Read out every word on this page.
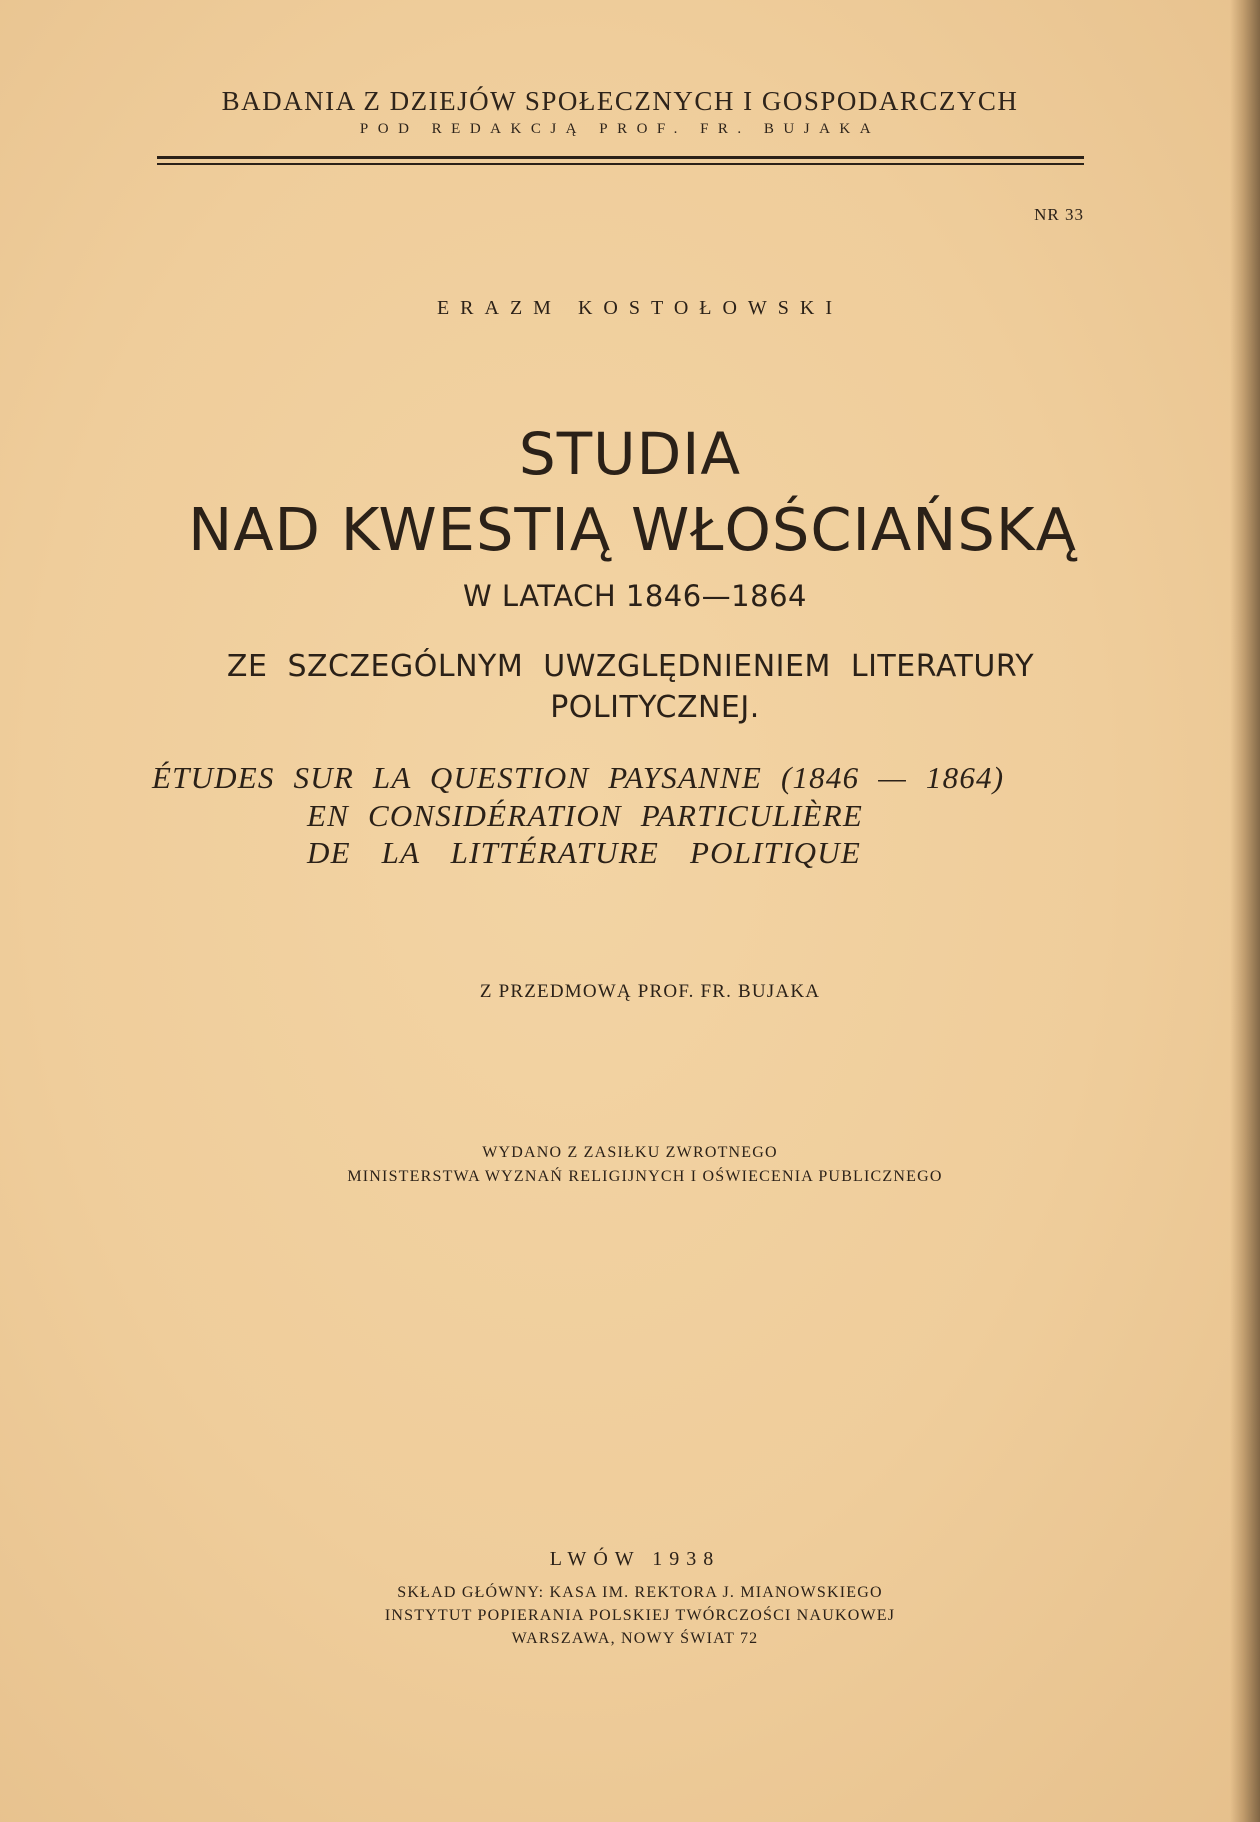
BADANIA Z DZIEJÓW SPOŁECZNYCH I GOSPODARCZYCH
POD REDAKCJĄ PROF. FR. BUJAKA
NR 33
ERAZM KOSTOŁOWSKI
STUDIA
NAD KWESTIĄ WŁOŚCIAŃSKĄ
W LATACH 1846—1864
ZE SZCZEGÓLNYM UWZGLĘDNIENIEM LITERATURY
POLITYCZNEJ.
ÉTUDES SUR LA QUESTION PAYSANNE (1846 — 1864)
EN CONSIDÉRATION PARTICULIÈRE
DE LA LITTÉRATURE POLITIQUE
Z PRZEDMOWĄ PROF. FR. BUJAKA
WYDANO Z ZASIŁKU ZWROTNEGO
MINISTERSTWA WYZNAŃ RELIGIJNYCH I OŚWIECENIA PUBLICZNEGO
LWÓW 1938
SKŁAD GŁÓWNY: KASA IM. REKTORA J. MIANOWSKIEGO
INSTYTUT POPIERANIA POLSKIEJ TWÓRCZOŚCI NAUKOWEJ
WARSZAWA, NOWY ŚWIAT 72
